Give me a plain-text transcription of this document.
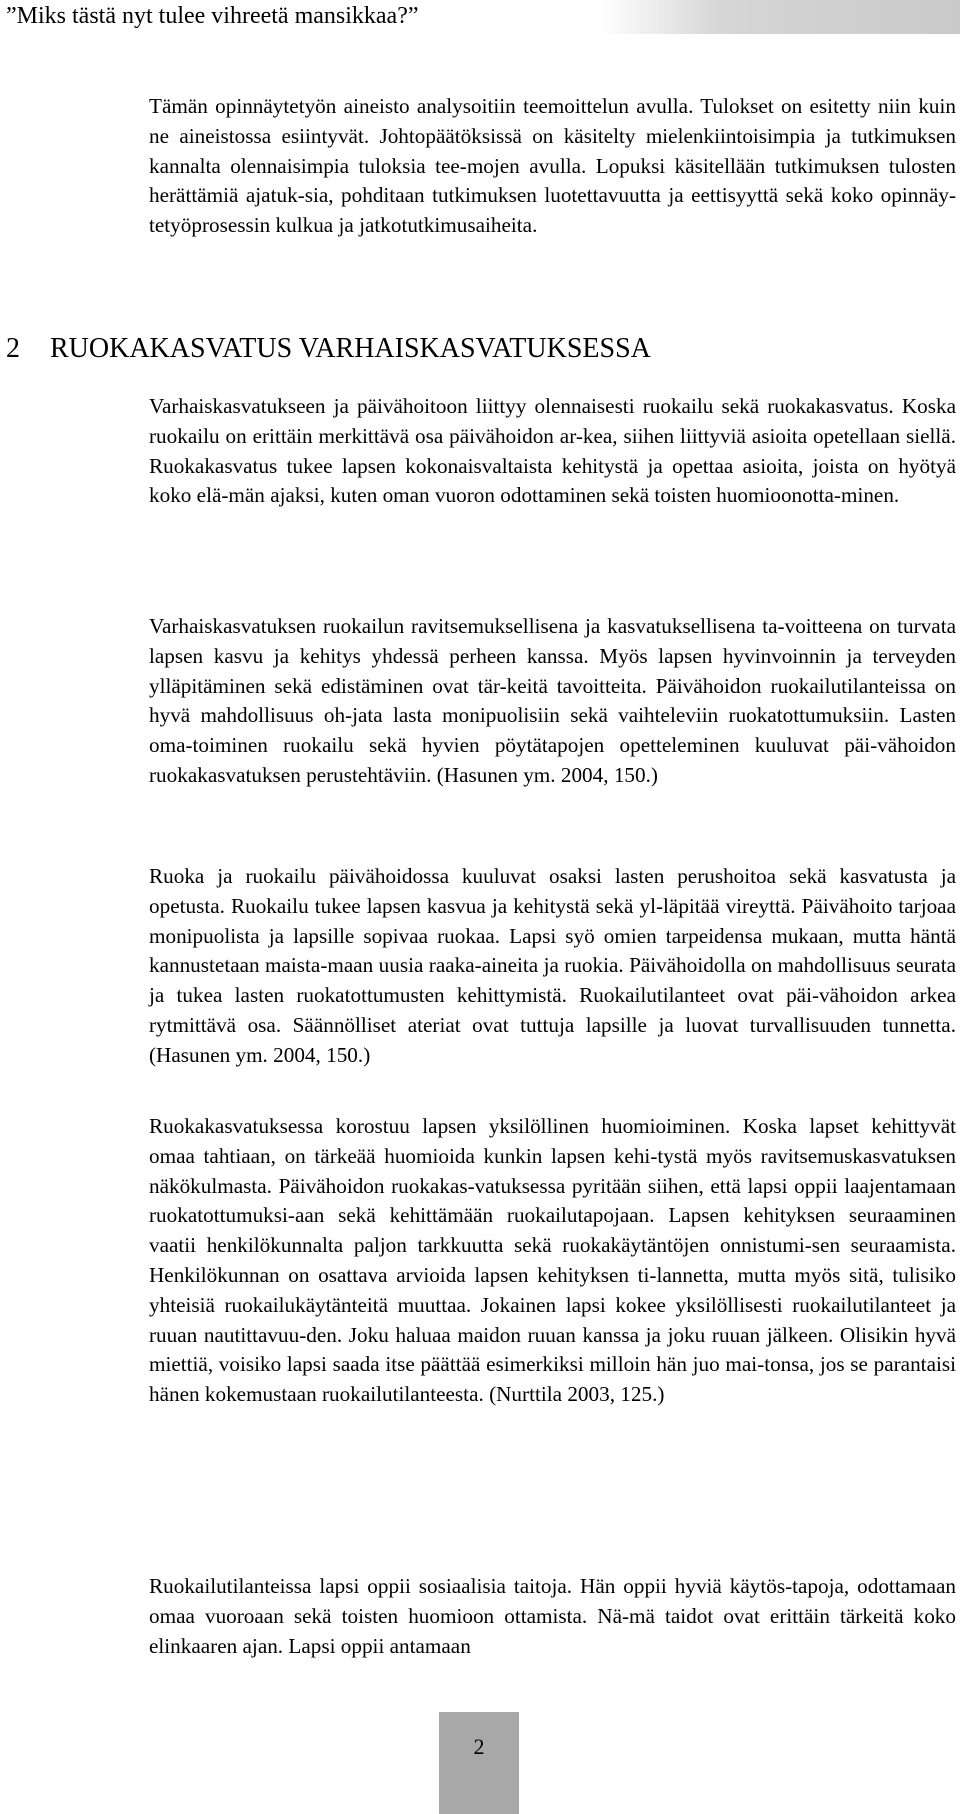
”Miks tästä nyt tulee vihreetä mansikkaa?”

Tämän opinnäytetyön aineisto analysoitiin teemoittelun avulla. Tulokset on esitetty niin kuin ne aineistossa esiintyvät. Johtopäätöksissä on käsitelty mielenkiintoisimpia ja tutkimuksen kannalta olennaisimpia tuloksia tee-mojen avulla. Lopuksi käsitellään tutkimuksen tulosten herättämiä ajatuk-sia, pohditaan tutkimuksen luotettavuutta ja eettisyyttä sekä koko opinnäy-tetyöprosessin kulkua ja jatkotutkimusaiheita.

2 RUOKAKASVATUS VARHAISKASVATUKSESSA

Varhaiskasvatukseen ja päivähoitoon liittyy olennaisesti ruokailu sekä ruokakasvatus. Koska ruokailu on erittäin merkittävä osa päivähoidon ar-kea, siihen liittyviä asioita opetellaan siellä. Ruokakasvatus tukee lapsen kokonaisvaltaista kehitystä ja opettaa asioita, joista on hyötyä koko elä-män ajaksi, kuten oman vuoron odottaminen sekä toisten huomioonotta-minen.

Varhaiskasvatuksen ruokailun ravitsemuksellisena ja kasvatuksellisena ta-voitteena on turvata lapsen kasvu ja kehitys yhdessä perheen kanssa. Myös lapsen hyvinvoinnin ja terveyden ylläpitäminen sekä edistäminen ovat tär-keitä tavoitteita. Päivähoidon ruokailutilanteissa on hyvä mahdollisuus oh-jata lasta monipuolisiin sekä vaihteleviin ruokatottumuksiin. Lasten oma-toiminen ruokailu sekä hyvien pöytätapojen opetteleminen kuuluvat päi-vähoidon ruokakasvatuksen perustehtäviin. (Hasunen ym. 2004, 150.)

Ruoka ja ruokailu päivähoidossa kuuluvat osaksi lasten perushoitoa sekä kasvatusta ja opetusta. Ruokailu tukee lapsen kasvua ja kehitystä sekä yl-läpitää vireyttä. Päivähoito tarjoaa monipuolista ja lapsille sopivaa ruokaa. Lapsi syö omien tarpeidensa mukaan, mutta häntä kannustetaan maista-maan uusia raaka-aineita ja ruokia. Päivähoidolla on mahdollisuus seurata ja tukea lasten ruokatottumusten kehittymistä. Ruokailutilanteet ovat päi-vähoidon arkea rytmittävä osa. Säännölliset ateriat ovat tuttuja lapsille ja luovat turvallisuuden tunnetta. (Hasunen ym. 2004, 150.)

Ruokakasvatuksessa korostuu lapsen yksilöllinen huomioiminen. Koska lapset kehittyvät omaa tahtiaan, on tärkeää huomioida kunkin lapsen kehi-tystä myös ravitsemuskasvatuksen näkökulmasta. Päivähoidon ruokakas-vatuksessa pyritään siihen, että lapsi oppii laajentamaan ruokatottumuksi-aan sekä kehittämään ruokailutapojaan. Lapsen kehityksen seuraaminen vaatii henkilökunnalta paljon tarkkuutta sekä ruokakäytäntöjen onnistumi-sen seuraamista. Henkilökunnan on osattava arvioida lapsen kehityksen ti-lannetta, mutta myös sitä, tulisiko yhteisiä ruokailukäytänteitä muuttaa. Jokainen lapsi kokee yksilöllisesti ruokailutilanteet ja ruuan nautittavuu-den. Joku haluaa maidon ruuan kanssa ja joku ruuan jälkeen. Olisikin hyvä miettiä, voisiko lapsi saada itse päättää esimerkiksi milloin hän juo mai-tonsa, jos se parantaisi hänen kokemustaan ruokailutilanteesta. (Nurttila 2003, 125.)

Ruokailutilanteissa lapsi oppii sosiaalisia taitoja. Hän oppii hyviä käytös-tapoja, odottamaan omaa vuoroaan sekä toisten huomioon ottamista. Nä-mä taidot ovat erittäin tärkeitä koko elinkaaren ajan. Lapsi oppii antamaan

2
